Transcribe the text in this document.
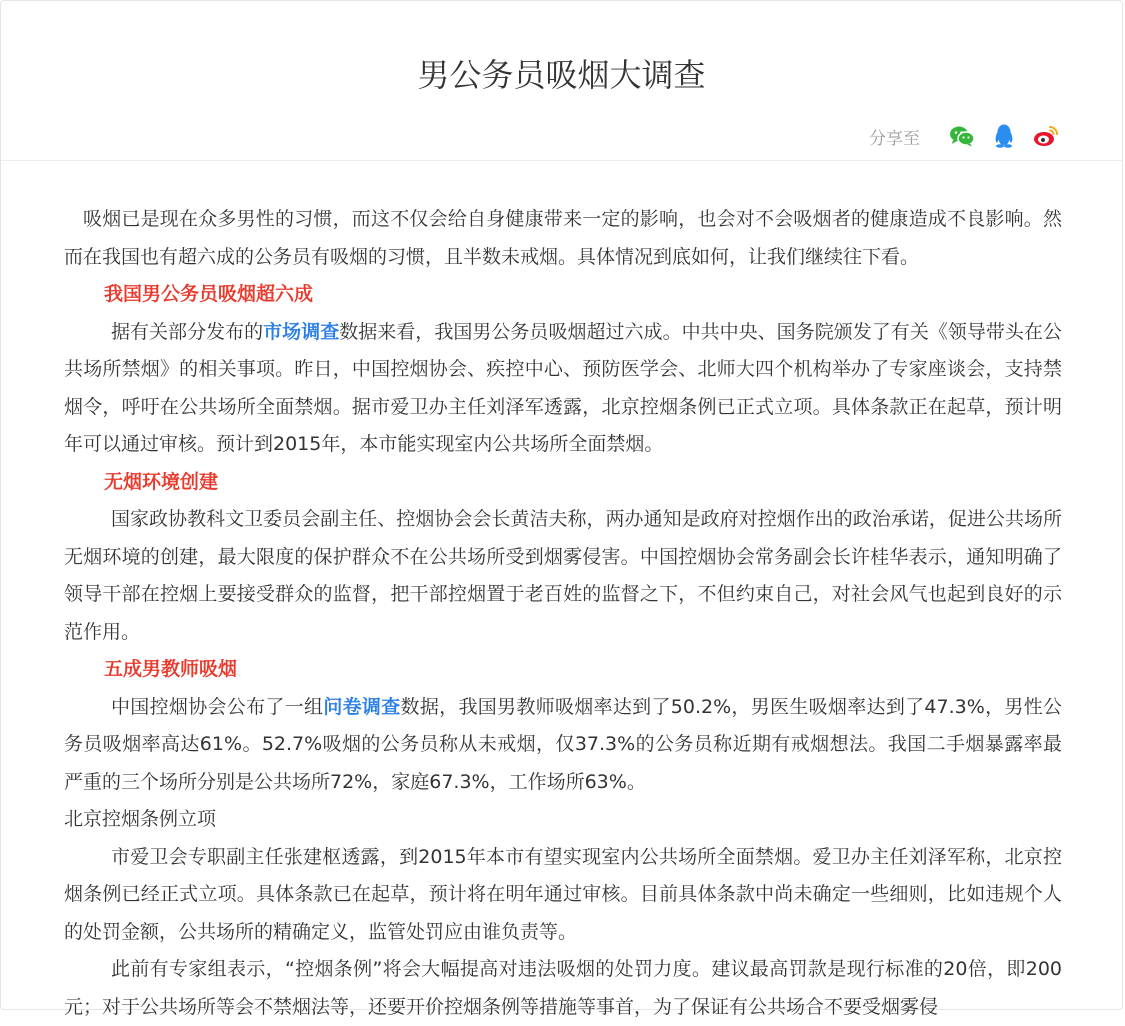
男公务员吸烟大调查
分享至

吸烟已是现在众多男性的习惯，而这不仅会给自身健康带来一定的影响，也会对不会吸烟者的健康造成不良影响。然而在我国也有超六成的公务员有吸烟的习惯，且半数未戒烟。具体情况到底如何，让我们继续往下看。

我国男公务员吸烟超六成

据有关部分发布的市场调查数据来看，我国男公务员吸烟超过六成。中共中央、国务院颁发了有关《领导带头在公共场所禁烟》的相关事项。昨日，中国控烟协会、疾控中心、预防医学会、北师大四个机构举办了专家座谈会，支持禁烟令，呼吁在公共场所全面禁烟。据市爱卫办主任刘泽军透露，北京控烟条例已正式立项。具体条款正在起草，预计明年可以通过审核。预计到2015年，本市能实现室内公共场所全面禁烟。

无烟环境创建

国家政协教科文卫委员会副主任、控烟协会会长黄洁夫称，两办通知是政府对控烟作出的政治承诺，促进公共场所无烟环境的创建，最大限度的保护群众不在公共场所受到烟雾侵害。中国控烟协会常务副会长许桂华表示，通知明确了领导干部在控烟上要接受群众的监督，把干部控烟置于老百姓的监督之下，不但约束自己，对社会风气也起到良好的示范作用。

五成男教师吸烟

中国控烟协会公布了一组问卷调查数据，我国男教师吸烟率达到了50.2%，男医生吸烟率达到了47.3%，男性公务员吸烟率高达61%。52.7%吸烟的公务员称从未戒烟，仅37.3%的公务员称近期有戒烟想法。我国二手烟暴露率最严重的三个场所分别是公共场所72%，家庭67.3%，工作场所63%。

北京控烟条例立项

市爱卫会专职副主任张建枢透露，到2015年本市有望实现室内公共场所全面禁烟。爱卫办主任刘泽军称，北京控烟条例已经正式立项。具体条款已在起草，预计将在明年通过审核。目前具体条款中尚未确定一些细则，比如违规个人的处罚金额，公共场所的精确定义，监管处罚应由谁负责等。

此前有专家组表示，“控烟条例”将会大幅提高对违法吸烟的处罚力度。建议最高罚款是现行标准的20倍，即200元；对于公共场所等会不禁烟法等，还要开价控烟条例等措施等事首，为了保证有公共场合不要受烟雾侵
